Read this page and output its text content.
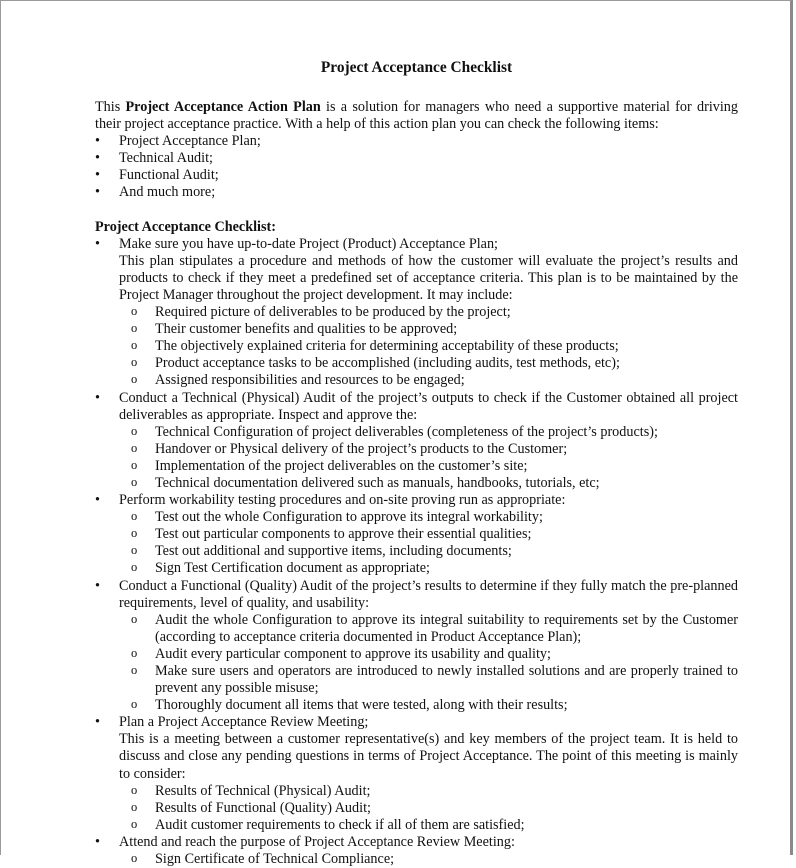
Project Acceptance Checklist

This Project Acceptance Action Plan is a solution for managers who need a supportive material for driving their project acceptance practice. With a help of this action plan you can check the following items:

• Project Acceptance Plan;
• Technical Audit;
• Functional Audit;
• And much more;

Project Acceptance Checklist:

• Make sure you have up-to-date Project (Product) Acceptance Plan;
This plan stipulates a procedure and methods of how the customer will evaluate the project’s results and products to check if they meet a predefined set of acceptance criteria. This plan is to be maintained by the Project Manager throughout the project development. It may include:
o Required picture of deliverables to be produced by the project;
o Their customer benefits and qualities to be approved;
o The objectively explained criteria for determining acceptability of these products;
o Product acceptance tasks to be accomplished (including audits, test methods, etc);
o Assigned responsibilities and resources to be engaged;
• Conduct a Technical (Physical) Audit of the project’s outputs to check if the Customer obtained all project deliverables as appropriate. Inspect and approve the:
o Technical Configuration of project deliverables (completeness of the project’s products);
o Handover or Physical delivery of the project’s products to the Customer;
o Implementation of the project deliverables on the customer’s site;
o Technical documentation delivered such as manuals, handbooks, tutorials, etc;
• Perform workability testing procedures and on-site proving run as appropriate:
o Test out the whole Configuration to approve its integral workability;
o Test out particular components to approve their essential qualities;
o Test out additional and supportive items, including documents;
o Sign Test Certification document as appropriate;
• Conduct a Functional (Quality) Audit of the project’s results to determine if they fully match the pre-planned requirements, level of quality, and usability:
o Audit the whole Configuration to approve its integral suitability to requirements set by the Customer (according to acceptance criteria documented in Product Acceptance Plan);
o Audit every particular component to approve its usability and quality;
o Make sure users and operators are introduced to newly installed solutions and are properly trained to prevent any possible misuse;
o Thoroughly document all items that were tested, along with their results;
• Plan a Project Acceptance Review Meeting;
This is a meeting between a customer representative(s) and key members of the project team. It is held to discuss and close any pending questions in terms of Project Acceptance. The point of this meeting is mainly to consider:
o Results of Technical (Physical) Audit;
o Results of Functional (Quality) Audit;
o Audit customer requirements to check if all of them are satisfied;
• Attend and reach the purpose of Project Acceptance Review Meeting:
o Sign Certificate of Technical Compliance;
